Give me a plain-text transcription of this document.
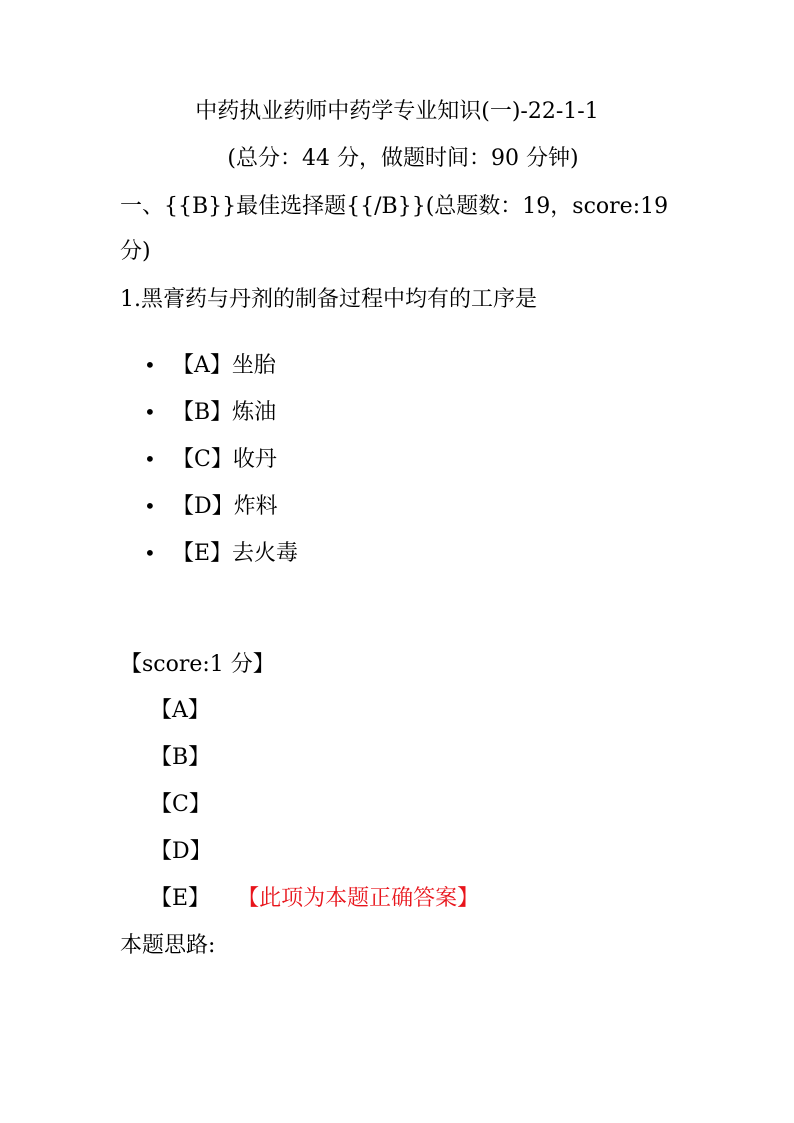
中药执业药师中药学专业知识(一)-22-1-1
(总分：44 分，做题时间：90 分钟)
一、{{B}}最佳选择题{{/B}}(总题数：19，score:19
分)
1.黑膏药与丹剂的制备过程中均有的工序是
• 【A】坐胎
• 【B】炼油
• 【C】收丹
• 【D】炸料
• 【E】去火毒
【score:1 分】
【A】
【B】
【C】
【D】
【E】 【此项为本题正确答案】
本题思路:
